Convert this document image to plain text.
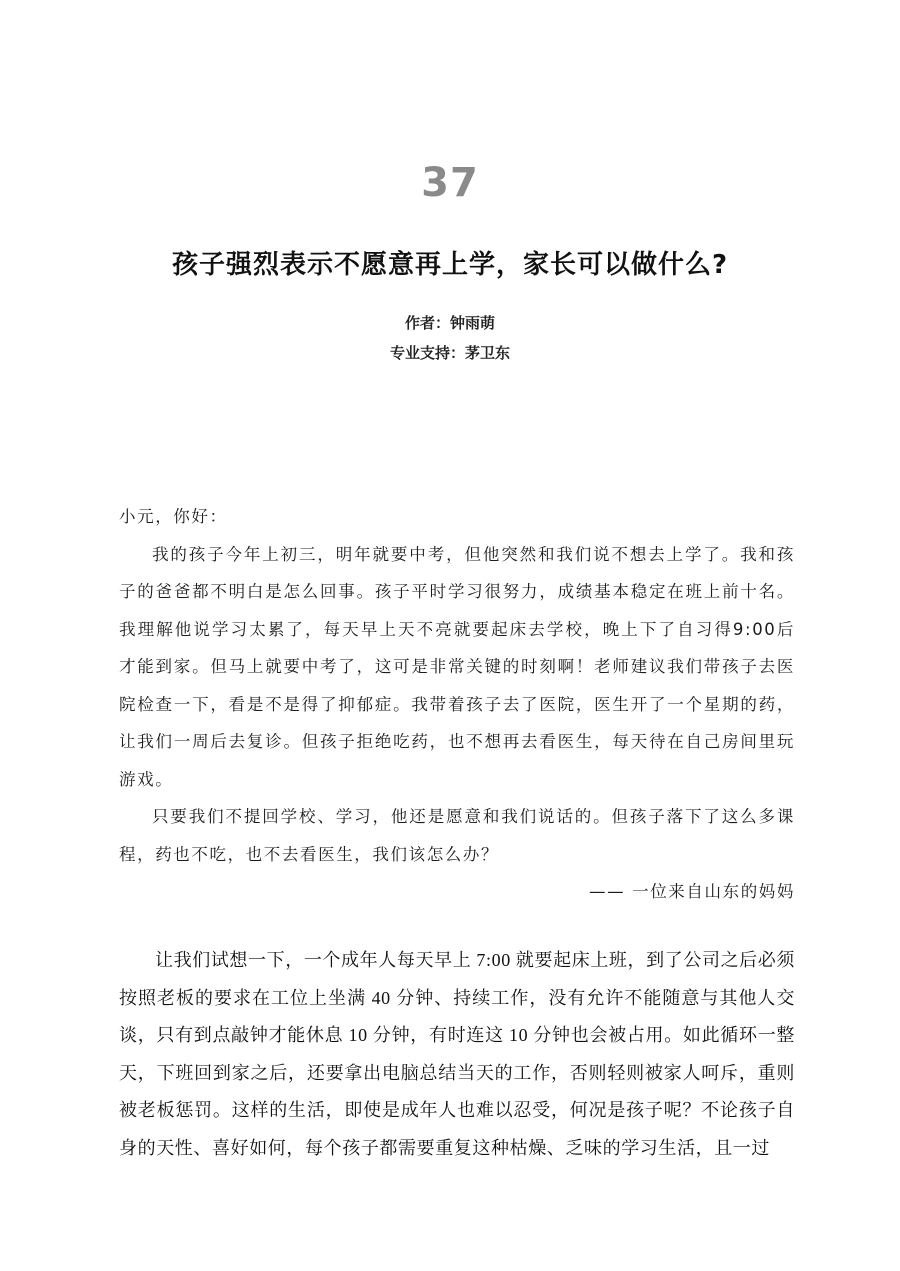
37
孩子强烈表示不愿意再上学，家长可以做什么?
作者：钟雨萌
专业支持：茅卫东

小元，你好：

我的孩子今年上初三，明年就要中考，但他突然和我们说不想去上学了。我和孩子的爸爸都不明白是怎么回事。孩子平时学习很努力，成绩基本稳定在班上前十名。我理解他说学习太累了，每天早上天不亮就要起床去学校，晚上下了自习得9:00后才能到家。但马上就要中考了，这可是非常关键的时刻啊！老师建议我们带孩子去医院检查一下，看是不是得了抑郁症。我带着孩子去了医院，医生开了一个星期的药，让我们一周后去复诊。但孩子拒绝吃药，也不想再去看医生，每天待在自己房间里玩游戏。

只要我们不提回学校、学习，他还是愿意和我们说话的。但孩子落下了这么多课程，药也不吃，也不去看医生，我们该怎么办？

—— 一位来自山东的妈妈

让我们试想一下，一个成年人每天早上 7:00 就要起床上班，到了公司之后必须按照老板的要求在工位上坐满 40 分钟、持续工作，没有允许不能随意与其他人交谈，只有到点敲钟才能休息 10 分钟，有时连这 10 分钟也会被占用。如此循环一整天，下班回到家之后，还要拿出电脑总结当天的工作，否则轻则被家人呵斥，重则被老板惩罚。这样的生活，即使是成年人也难以忍受，何况是孩子呢？不论孩子自身的天性、喜好如何，每个孩子都需要重复这种枯燥、乏味的学习生活，且一过
